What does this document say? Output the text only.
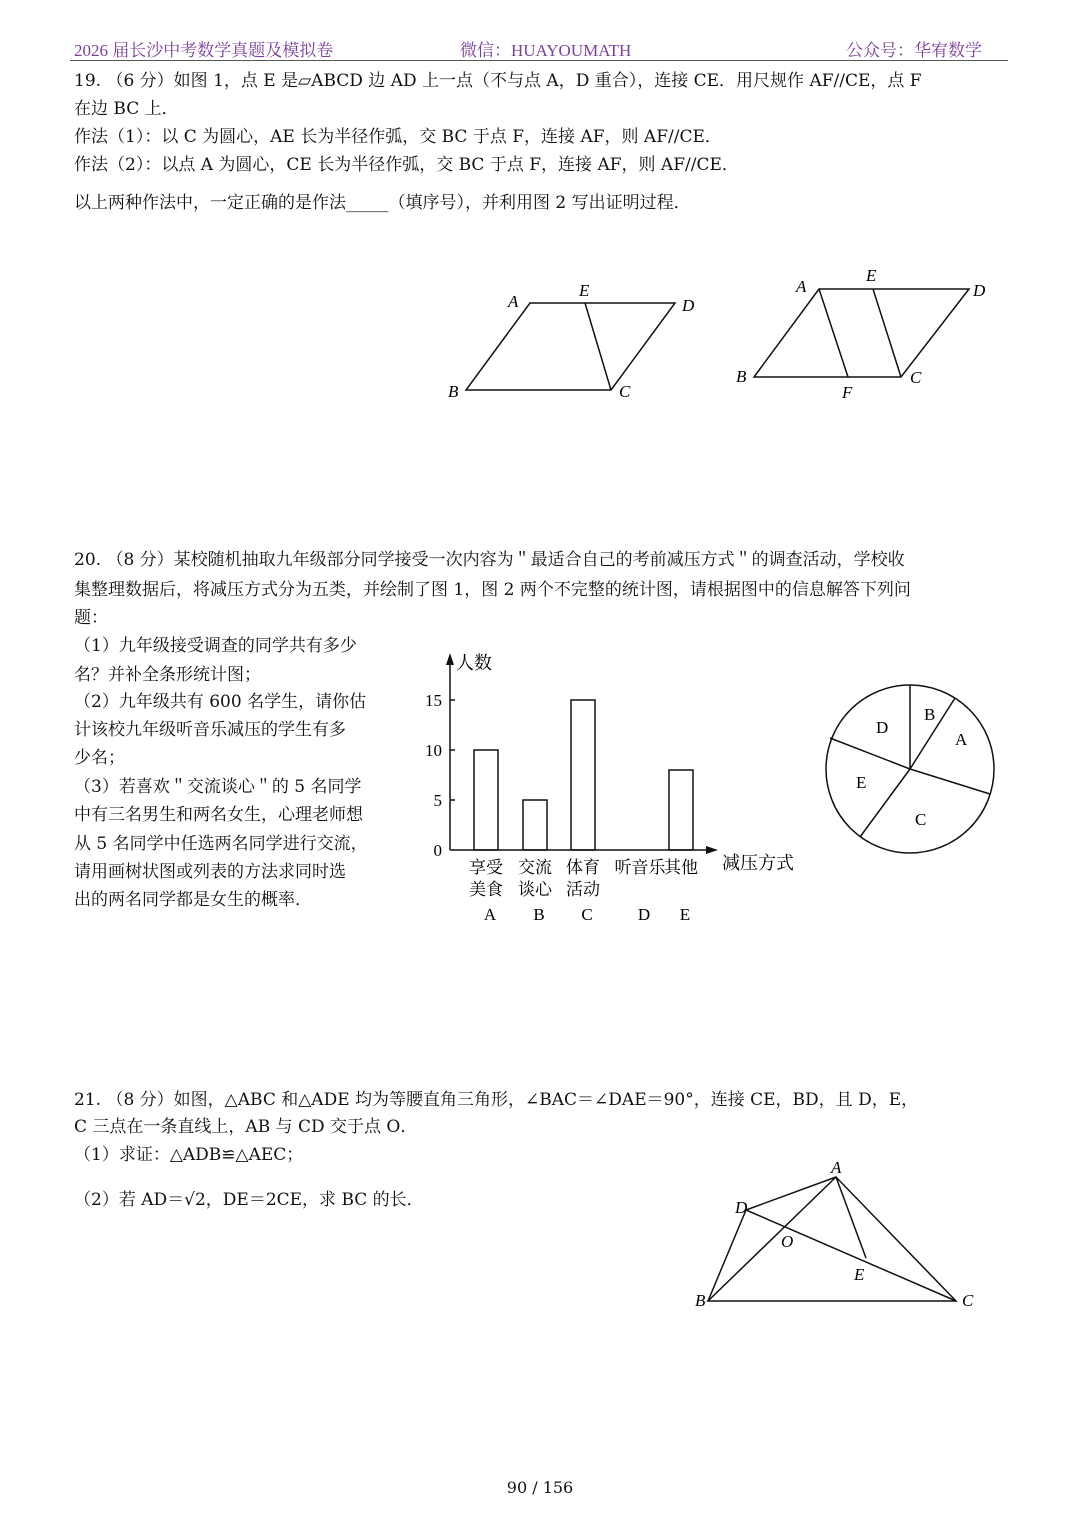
2026 届长沙中考数学真题及模拟卷	微信：HUAYOUMATH	公众号：华宥数学
19. （6 分）如图 1，点 E 是▱ABCD 边 AD 上一点（不与点 A，D 重合），连接 CE．用尺规作 AF//CE，点 F
在边 BC 上．
作法（1）：以 C 为圆心，AE 长为半径作弧，交 BC 于点 F，连接 AF，则 AF//CE．
作法（2）：以点 A 为圆心，CE 长为半径作弧，交 BC 于点 F，连接 AF，则 AF//CE．
以上两种作法中，一定正确的是作法_____（填序号），并利用图 2 写出证明过程．
A
E
D
B	C
A
E
D
B
F
C
20. （8 分）某校随机抽取九年级部分同学接受一次内容为＂最适合自己的考前减压方式＂的调查活动，学校收
集整理数据后，将减压方式分为五类，并绘制了图 1，图 2 两个不完整的统计图，请根据图中的信息解答下列问
题：
（1）九年级接受调查的同学共有多少
名？并补全条形统计图；
（2）九年级共有 600 名学生，请你估
计该校九年级听音乐减压的学生有多
少名；
（3）若喜欢＂交流谈心＂的 5 名同学
中有三名男生和两名女生，心理老师想
从 5 名同学中任选两名同学进行交流，
请用画树状图或列表的方法求同时选
出的两名同学都是女生的概率．
人数
减压方式
0
5
10
15
享受
美食
A
交流
谈心
B
体育
活动
C
听音乐
D
其他
E
B
A
D
E
C
21. （8 分）如图，△ABC 和△ADE 均为等腰直角三角形，∠BAC＝∠DAE＝90°，连接 CE，BD，且 D，E，
C 三点在一条直线上，AB 与 CD 交于点 O．
（1）求证：△ADB≌△AEC；
（2）若 AD＝√2，DE＝2CE，求 BC 的长．
A
D
O
E
B	C
90 / 156
